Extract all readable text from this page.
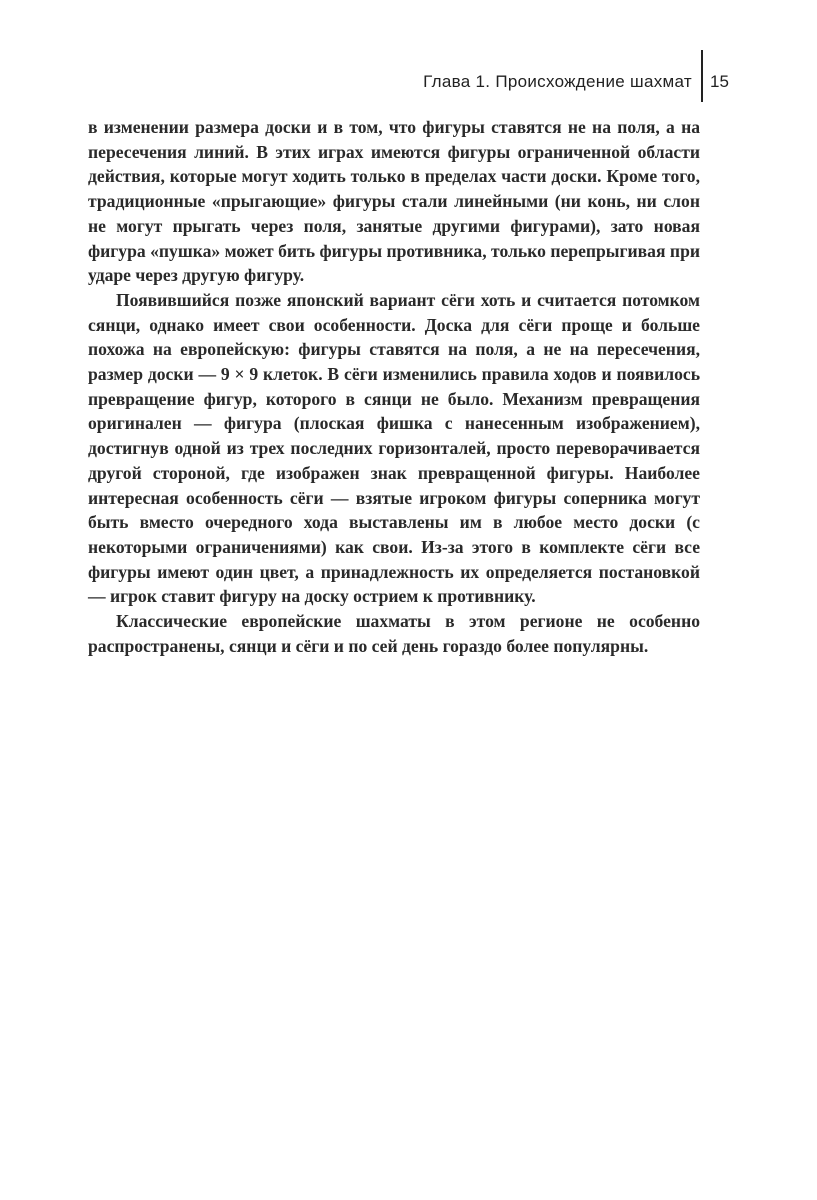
Глава 1. Происхождение шахмат 15

в изменении размера доски и в том, что фигуры ставятся не на поля, а на пересечения линий. В этих играх имеются фигуры ограниченной области действия, которые могут ходить только в пределах части доски. Кроме того, традиционные «прыгающие» фигуры стали линейными (ни конь, ни слон не могут прыгать через поля, занятые другими фигурами), зато новая фигура «пушка» может бить фигуры противника, только перепрыгивая при ударе через другую фигуру.

Появившийся позже японский вариант сёги хоть и считается потомком сянци, однако имеет свои особенности. Доска для сёги проще и больше похожа на европейскую: фигуры ставятся на поля, а не на пересечения, размер доски — 9 × 9 клеток. В сёги изменились правила ходов и появилось превращение фигур, которого в сянци не было. Механизм превращения оригинален — фигура (плоская фишка с нанесенным изображением), достигнув одной из трех последних горизонталей, просто переворачивается другой стороной, где изображен знак превращенной фигуры. Наиболее интересная особенность сёги — взятые игроком фигуры соперника могут быть вместо очередного хода выставлены им в любое место доски (с некоторыми ограничениями) как свои. Из-за этого в комплекте сёги все фигуры имеют один цвет, а принадлежность их определяется постановкой — игрок ставит фигуру на доску острием к противнику.

Классические европейские шахматы в этом регионе не особенно распространены, сянци и сёги и по сей день гораздо более популярны.
